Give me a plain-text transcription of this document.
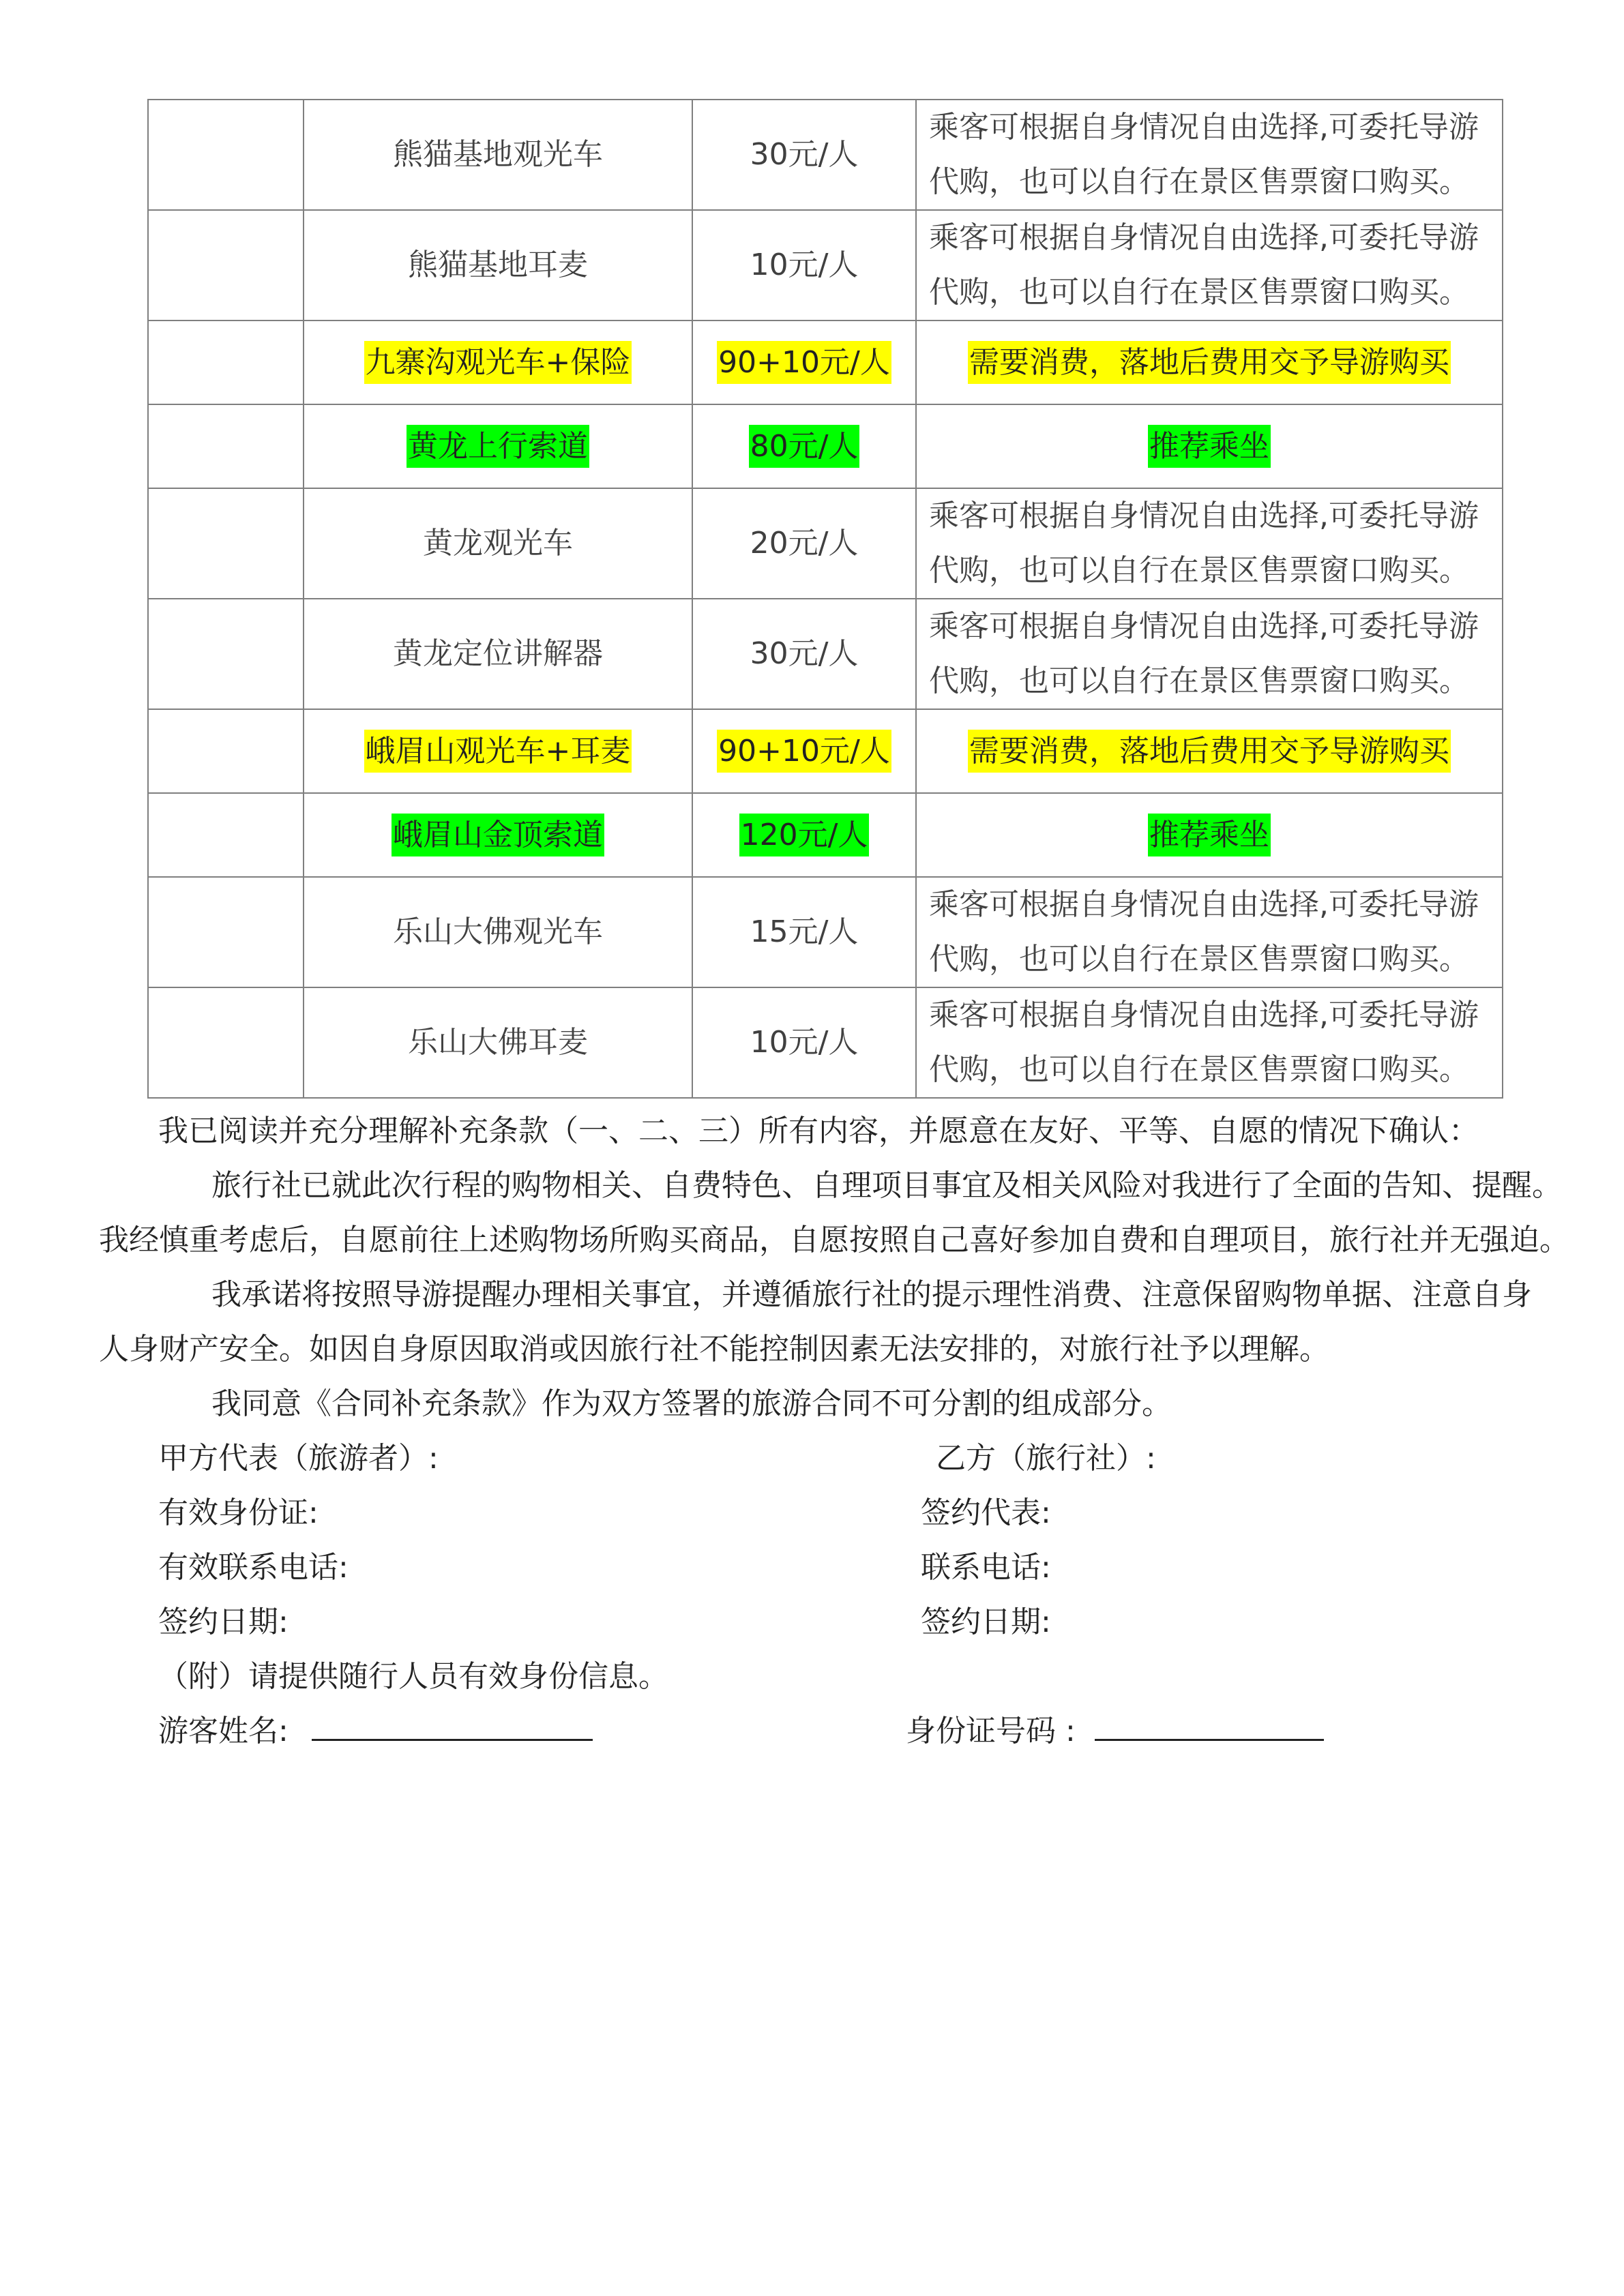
	熊猫基地观光车	30元/人	乘客可根据自身情况自由选择,可委托导游代购，也可以自行在景区售票窗口购买。
	熊猫基地耳麦	10元/人	乘客可根据自身情况自由选择,可委托导游代购，也可以自行在景区售票窗口购买。
	九寨沟观光车+保险	90+10元/人	需要消费，落地后费用交予导游购买
	黄龙上行索道	80元/人	推荐乘坐
	黄龙观光车	20元/人	乘客可根据自身情况自由选择,可委托导游代购，也可以自行在景区售票窗口购买。
	黄龙定位讲解器	30元/人	乘客可根据自身情况自由选择,可委托导游代购，也可以自行在景区售票窗口购买。
	峨眉山观光车+耳麦	90+10元/人	需要消费，落地后费用交予导游购买
	峨眉山金顶索道	120元/人	推荐乘坐
	乐山大佛观光车	15元/人	乘客可根据自身情况自由选择,可委托导游代购，也可以自行在景区售票窗口购买。
	乐山大佛耳麦	10元/人	乘客可根据自身情况自由选择,可委托导游代购，也可以自行在景区售票窗口购买。
我已阅读并充分理解补充条款（一、二、三）所有内容，并愿意在友好、平等、自愿的情况下确认：
旅行社已就此次行程的购物相关、自费特色、自理项目事宜及相关风险对我进行了全面的告知、提醒。
我经慎重考虑后，自愿前往上述购物场所购买商品，自愿按照自己喜好参加自费和自理项目，旅行社并无强迫。
我承诺将按照导游提醒办理相关事宜，并遵循旅行社的提示理性消费、注意保留购物单据、注意自身
人身财产安全。如因自身原因取消或因旅行社不能控制因素无法安排的，对旅行社予以理解。
我同意《合同补充条款》作为双方签署的旅游合同不可分割的组成部分。
甲方代表（旅游者）:	乙方（旅行社）:
有效身份证:	签约代表:
有效联系电话:	联系电话:
签约日期:	签约日期:
（附）请提供随行人员有效身份信息。
游客姓名:	身份证号码 :
